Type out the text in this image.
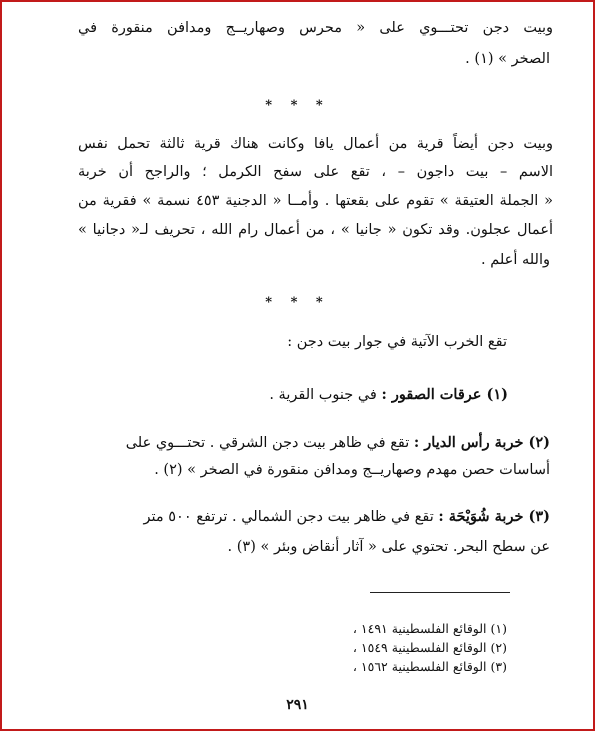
وبيت دجن تحتـــوي على « محرس وصهاريــج ومدافن منقورة في
الصخر » (١) .
* * *
وبيت دجن أيضاً قرية من أعمال يافا وكانت هناك قرية ثالثة تحمل نفس
الاسم – بيت داجون – ، تقع على سفح الكرمل ؛ والراجح أن خربة
« الجملة العتيقة » تقوم على بقعتها . وأمــا « الدجنية ٤٥٣ نسمة » فقرية من
أعمال عجلون. وقد تكون « جانيا » ، من أعمال رام الله ، تحريف لـ« دجانيا »
والله أعلم .
* * *
تقع الخرب الآتية في جوار بيت دجن :
(١) عرقات الصقور : في جنوب القرية .
(٢) خربة رأس الديار : تقع في ظاهر بيت دجن الشرقي . تحتـــوي على
أساسات حصن مهدم وصهاريــج ومدافن منقورة في الصخر » (٢) .
(٣) خربة شُوَيْحَة : تقع في ظاهر بيت دجن الشمالي . ترتفع ٥٠٠ متر
عن سطح البحر. تحتوي على « آثار أنقاض وبئر » (٣) .
(١) الوقائع الفلسطينية ١٤٩١ ،
(٢) الوقائع الفلسطينية ١٥٤٩ ،
(٣) الوقائع الفلسطينية ١٥٦٢ ،
٢٩١
